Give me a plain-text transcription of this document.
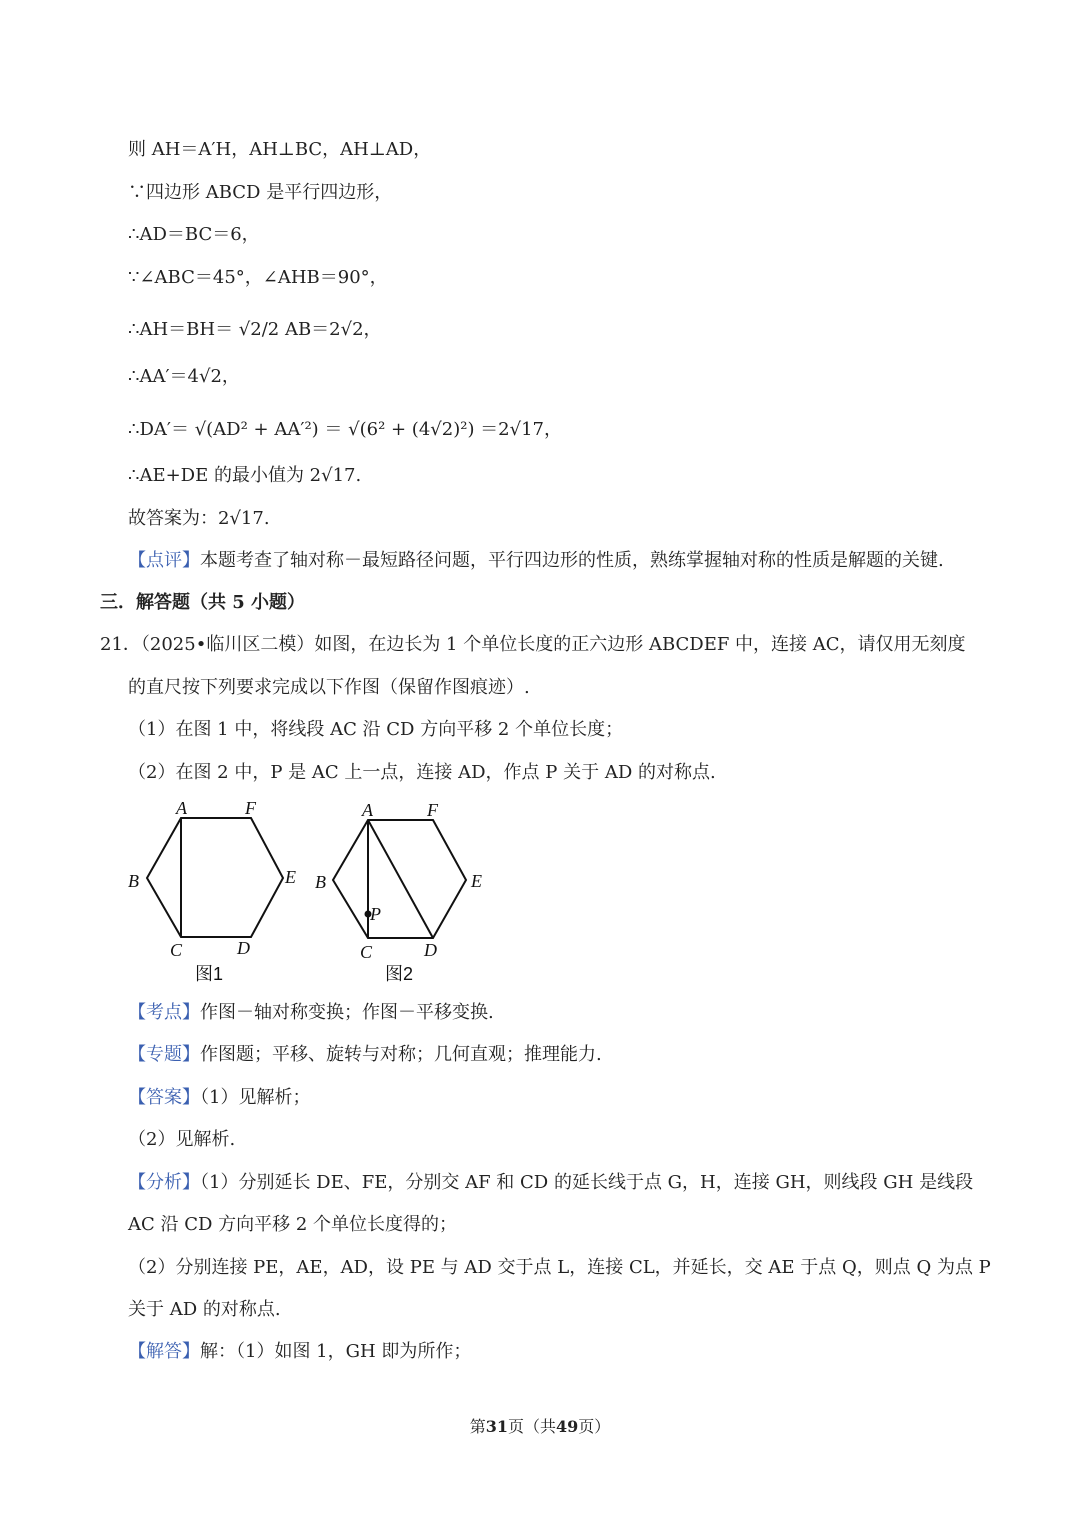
则 AH＝A′H，AH⊥BC，AH⊥AD，
∵四边形 ABCD 是平行四边形，
∴AD＝BC＝6，
∵∠ABC＝45°，∠AHB＝90°，
∴AH＝BH＝ √2/2 AB＝2√2，
∴AA′＝4√2，
∴DA′＝ √(AD² + AA′²) ＝ √(6² + (4√2)²) ＝2√17，
∴AE+DE 的最小值为 2√17.
故答案为：2√17.
【点评】本题考查了轴对称－最短路径问题，平行四边形的性质，熟练掌握轴对称的性质是解题的关键.
三．解答题（共 5 小题）
21．（2025•临川区二模）如图，在边长为 1 个单位长度的正六边形 ABCDEF 中，连接 AC，请仅用无刻度
的直尺按下列要求完成以下作图（保留作图痕迹）.
（1）在图 1 中，将线段 AC 沿 CD 方向平移 2 个单位长度；
（2）在图 2 中，P 是 AC 上一点，连接 AD，作点 P 关于 AD 的对称点.
A	F
B	E
C	D
图1
A	F
B	E
P
C	D
图2
【考点】作图－轴对称变换；作图－平移变换.
【专题】作图题；平移、旋转与对称；几何直观；推理能力.
【答案】（1）见解析；
（2）见解析.
【分析】（1）分别延长 DE、FE，分别交 AF 和 CD 的延长线于点 G，H，连接 GH，则线段 GH 是线段
AC 沿 CD 方向平移 2 个单位长度得的；
（2）分别连接 PE，AE，AD，设 PE 与 AD 交于点 L，连接 CL，并延长，交 AE 于点 Q，则点 Q 为点 P
关于 AD 的对称点.
【解答】解：（1）如图 1，GH 即为所作；
第31页（共49页）
